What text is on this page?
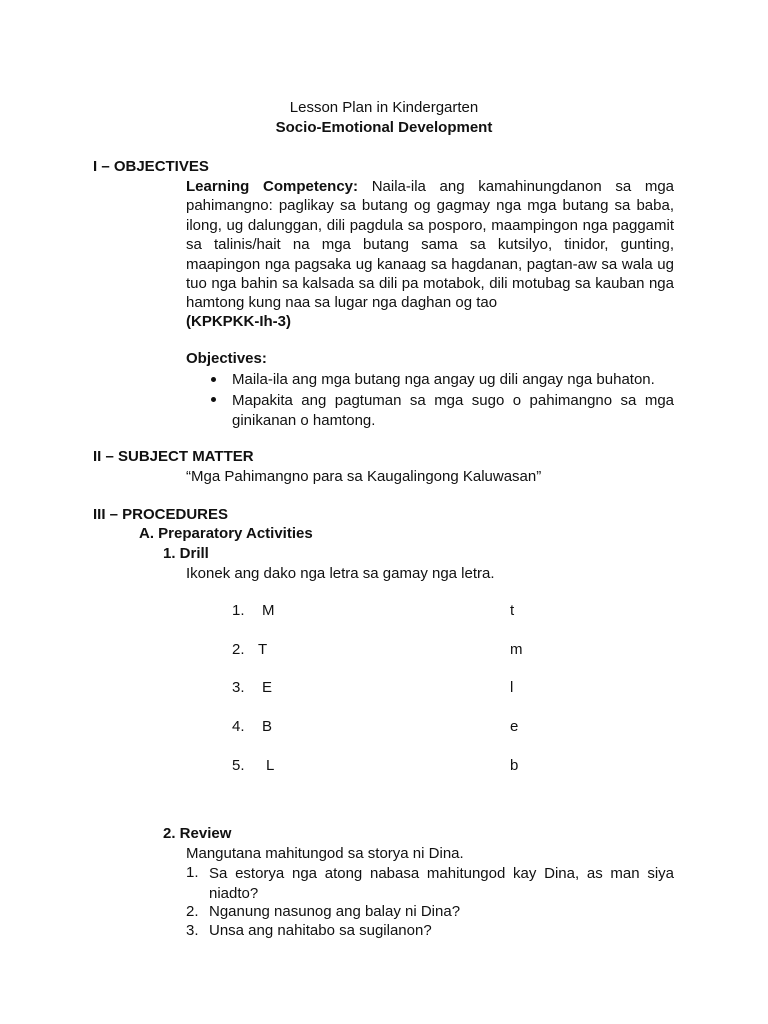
Lesson Plan in Kindergarten
Socio-Emotional Development
I – OBJECTIVES
Learning Competency: Naila-ila ang kamahinungdanon sa mga pahimangno: paglikay sa butang og gagmay nga mga butang sa baba, ilong, ug dalunggan, dili pagdula sa posporo, maampingon nga paggamit sa talinis/hait na mga butang sama sa kutsilyo, tinidor, gunting, maapingon nga pagsaka ug kanaag sa hagdanan, pagtan-aw sa wala ug tuo nga bahin sa kalsada sa dili pa motabok, dili motubag sa kauban nga hamtong kung naa sa lugar nga daghan og tao
(KPKPKK-Ih-3)
Objectives:
Maila-ila ang mga butang nga angay ug dili angay nga buhaton.
Mapakita ang pagtuman sa mga sugo o pahimangno sa mga ginikanan o hamtong.
II – SUBJECT MATTER
“Mga Pahimangno para sa Kaugalingong Kaluwasan”
III – PROCEDURES
A. Preparatory Activities
1. Drill
Ikonek ang dako nga letra sa gamay nga letra.
1. M	t
2. T	m
3. E	l
4. B	e
5. L	b
2. Review
Mangutana mahitungod sa storya ni Dina.
1. Sa estorya nga atong nabasa mahitungod kay Dina, as man siya niadto?
2. Nganung nasunog ang balay ni Dina?
3. Unsa ang nahitabo sa sugilanon?
